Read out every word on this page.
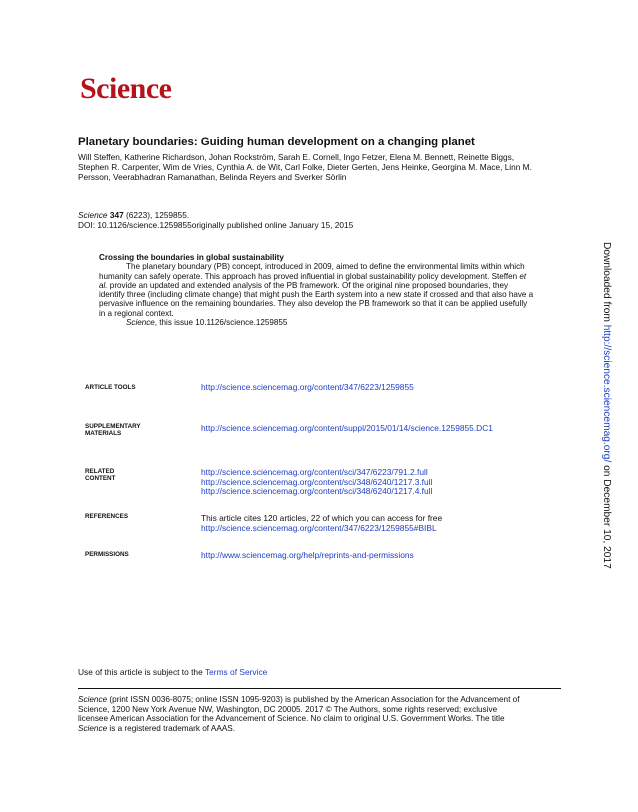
Science
Planetary boundaries: Guiding human development on a changing planet
Will Steffen, Katherine Richardson, Johan Rockström, Sarah E. Cornell, Ingo Fetzer, Elena M. Bennett, Reinette Biggs,
Stephen R. Carpenter, Wim de Vries, Cynthia A. de Wit, Carl Folke, Dieter Gerten, Jens Heinke, Georgina M. Mace, Linn M.
Persson, Veerabhadran Ramanathan, Belinda Reyers and Sverker Sörlin
Science 347 (6223), 1259855.
DOI: 10.1126/science.1259855originally published online January 15, 2015
Crossing the boundaries in global sustainability
The planetary boundary (PB) concept, introduced in 2009, aimed to define the environmental limits within which
humanity can safely operate. This approach has proved influential in global sustainability policy development. Steffen et
al. provide an updated and extended analysis of the PB framework. Of the original nine proposed boundaries, they
identify three (including climate change) that might push the Earth system into a new state if crossed and that also have a
pervasive influence on the remaining boundaries. They also develop the PB framework so that it can be applied usefully
in a regional context.
Science, this issue 10.1126/science.1259855
ARTICLE TOOLS	http://science.sciencemag.org/content/347/6223/1259855
SUPPLEMENTARY
MATERIALS
http://science.sciencemag.org/content/suppl/2015/01/14/science.1259855.DC1
RELATED
CONTENT
http://science.sciencemag.org/content/sci/347/6223/791.2.full
http://science.sciencemag.org/content/sci/348/6240/1217.3.full
http://science.sciencemag.org/content/sci/348/6240/1217.4.full
REFERENCES	This article cites 120 articles, 22 of which you can access for free
http://science.sciencemag.org/content/347/6223/1259855#BIBL
PERMISSIONS	http://www.sciencemag.org/help/reprints-and-permissions
Use of this article is subject to the Terms of Service
Science (print ISSN 0036-8075; online ISSN 1095-9203) is published by the American Association for the Advancement of
Science, 1200 New York Avenue NW, Washington, DC 20005. 2017 © The Authors, some rights reserved; exclusive
licensee American Association for the Advancement of Science. No claim to original U.S. Government Works. The title
Science is a registered trademark of AAAS.
Downloaded from http://science.sciencemag.org/ on December 10, 2017
